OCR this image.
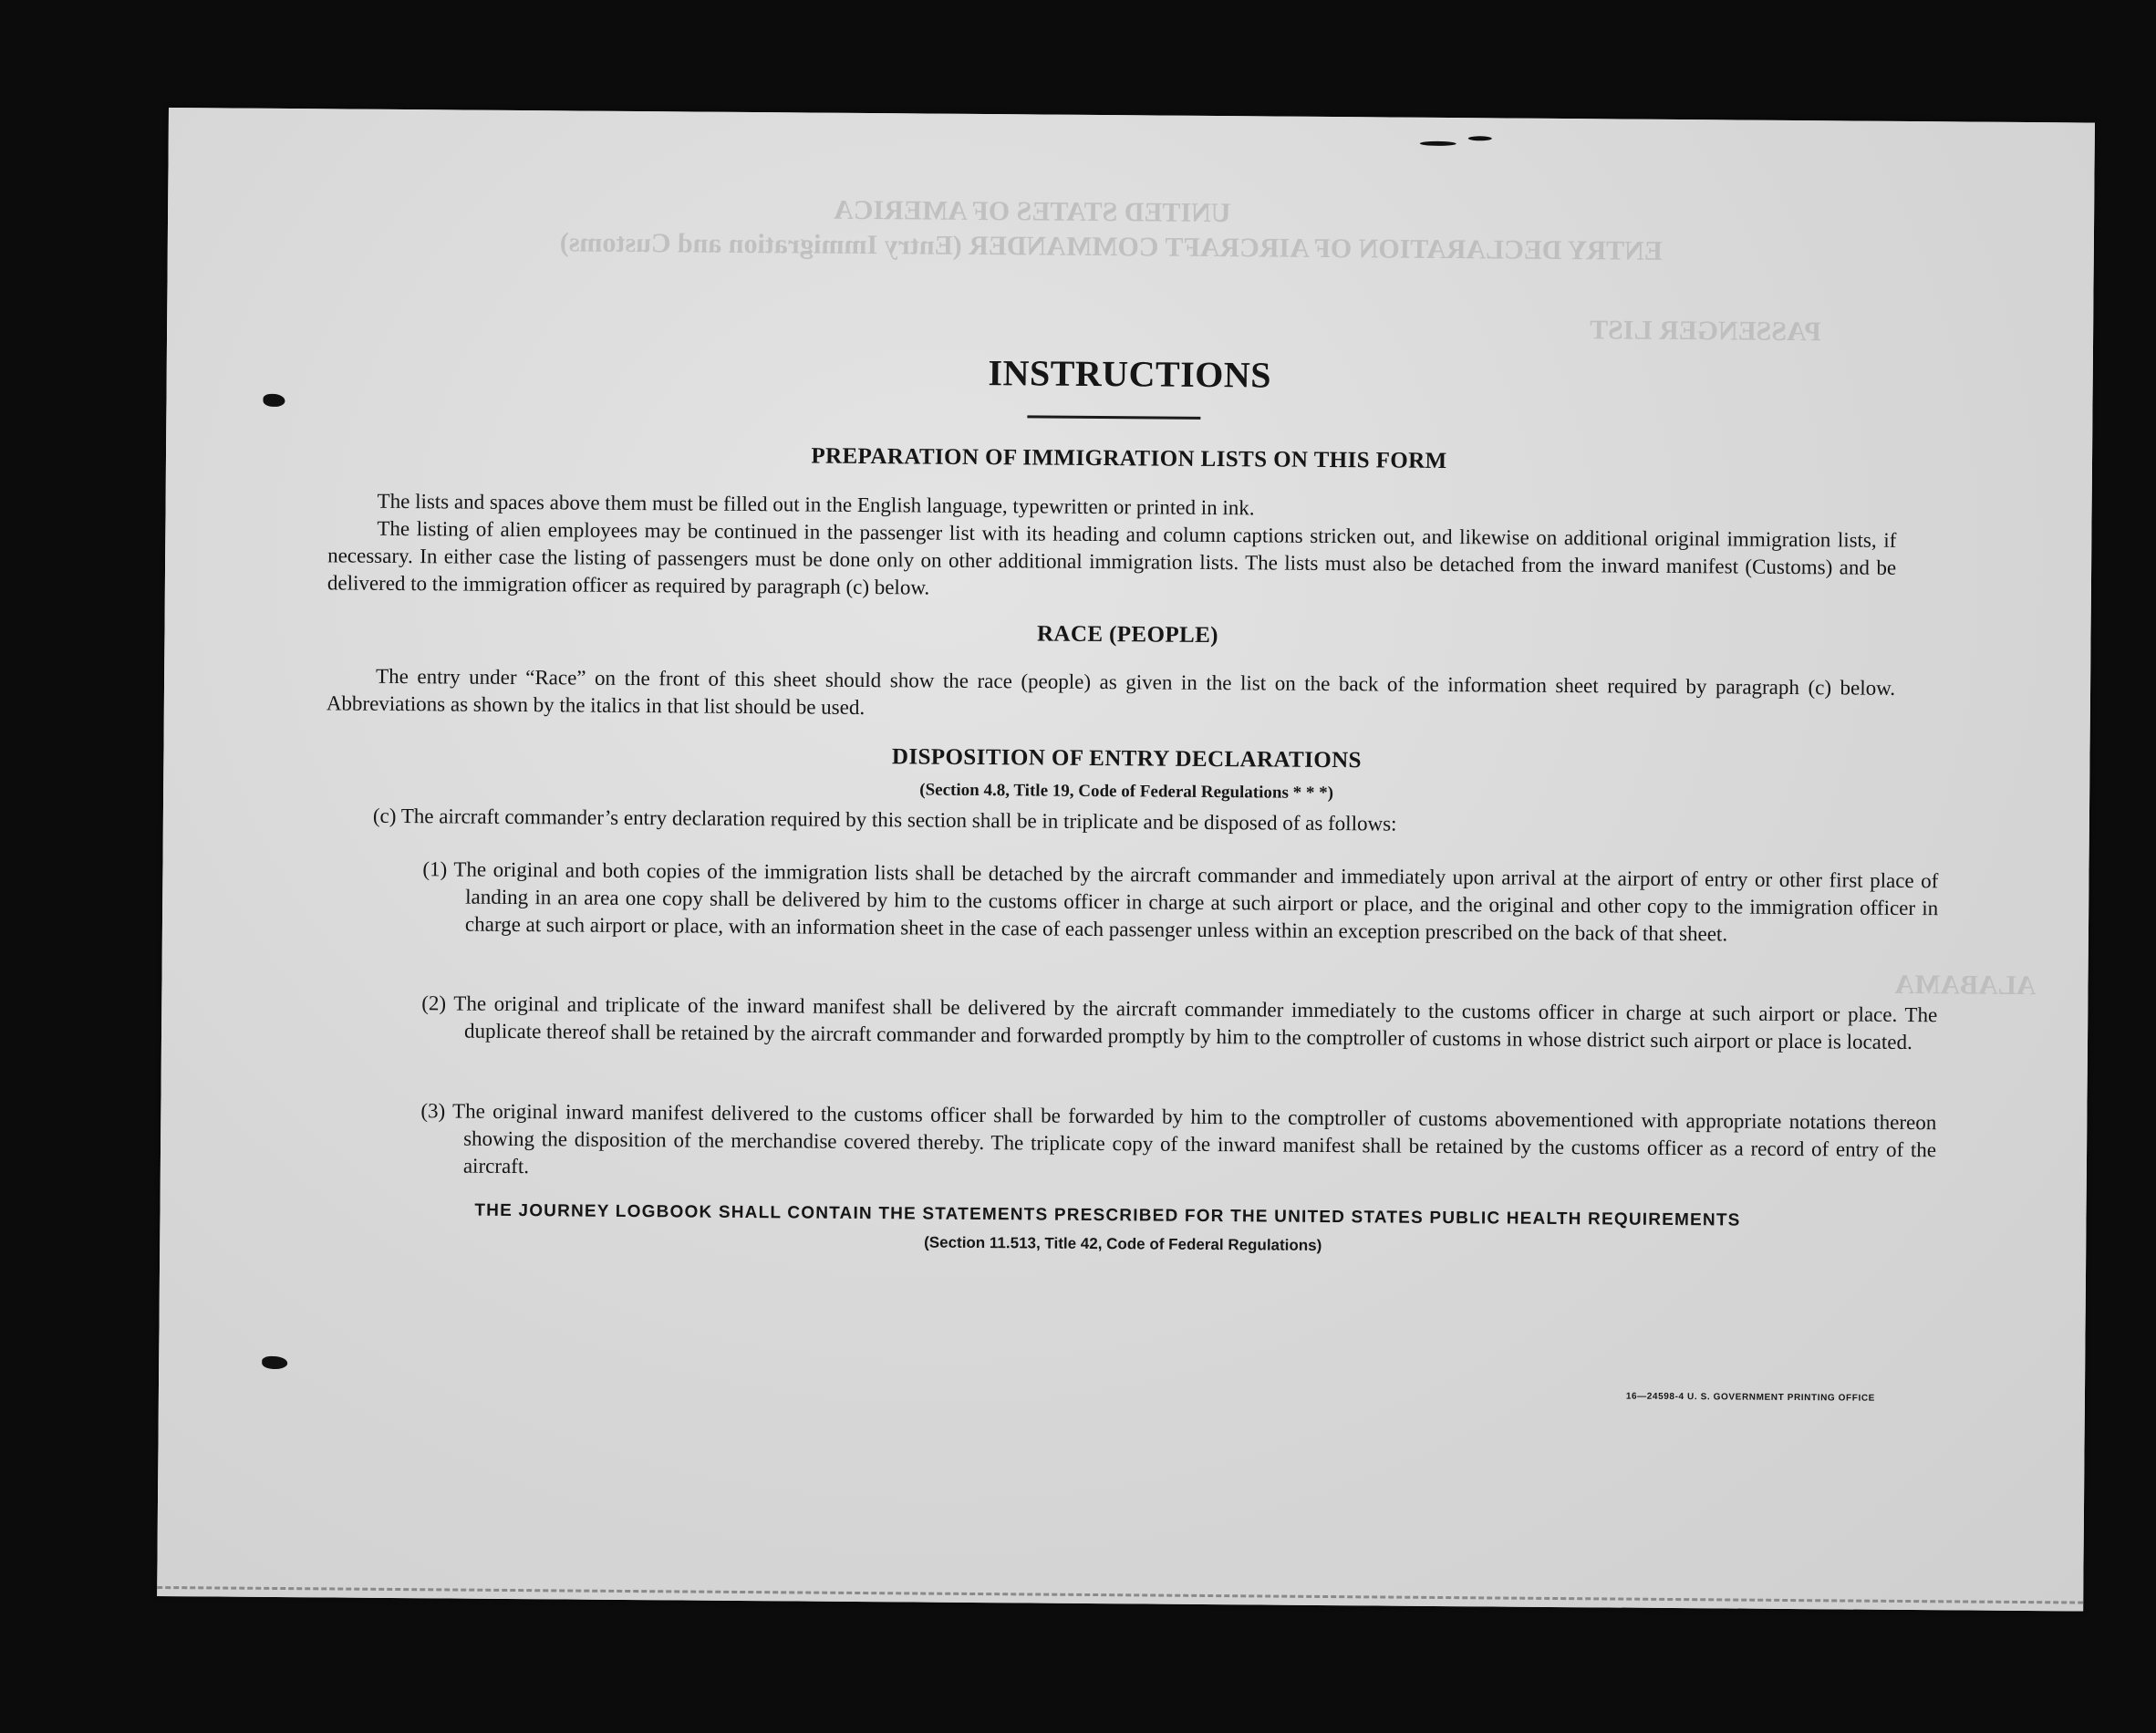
UNITED STATES OF AMERICA
ENTRY DECLARATION OF AIRCRAFT COMMANDER (Entry Immigration and Customs)
PASSENGER LIST
ALABAMA
INSTRUCTIONS
PREPARATION OF IMMIGRATION LISTS ON THIS FORM
The lists and spaces above them must be filled out in the English language, typewritten or printed in ink.
The listing of alien employees may be continued in the passenger list with its heading and column captions stricken out, and likewise on additional original immigration lists, if necessary. In either case the listing of passengers must be done only on other additional immigration lists. The lists must also be detached from the inward manifest (Customs) and be delivered to the immigration officer as required by paragraph (c) below.
RACE (PEOPLE)
The entry under “Race” on the front of this sheet should show the race (people) as given in the list on the back of the information sheet required by paragraph (c) below. Abbreviations as shown by the italics in that list should be used.
DISPOSITION OF ENTRY DECLARATIONS
(Section 4.8, Title 19, Code of Federal Regulations * * *)
(c) The aircraft commander’s entry declaration required by this section shall be in triplicate and be disposed of as follows:
(1) The original and both copies of the immigration lists shall be detached by the aircraft commander and immediately upon arrival at the airport of entry or other first place of landing in an area one copy shall be delivered by him to the customs officer in charge at such airport or place, and the original and other copy to the immigration officer in charge at such airport or place, with an information sheet in the case of each passenger unless within an exception prescribed on the back of that sheet.
(2) The original and triplicate of the inward manifest shall be delivered by the aircraft commander immediately to the customs officer in charge at such airport or place. The duplicate thereof shall be retained by the aircraft commander and forwarded promptly by him to the comptroller of customs in whose district such airport or place is located.
(3) The original inward manifest delivered to the customs officer shall be forwarded by him to the comptroller of customs abovementioned with appropriate notations thereon showing the disposition of the merchandise covered thereby. The triplicate copy of the inward manifest shall be retained by the customs officer as a record of entry of the aircraft.
THE JOURNEY LOGBOOK SHALL CONTAIN THE STATEMENTS PRESCRIBED FOR THE UNITED STATES PUBLIC HEALTH REQUIREMENTS
(Section 11.513, Title 42, Code of Federal Regulations)
16—24598-4 U. S. GOVERNMENT PRINTING OFFICE
